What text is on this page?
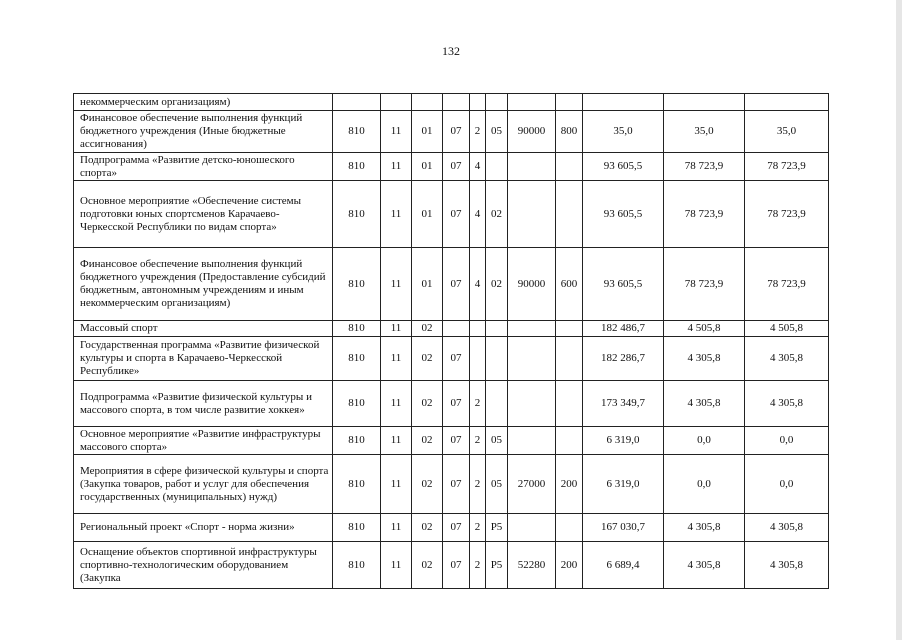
132
некоммерческим организациям)											
Финансовое обеспечение выполнения функций бюджетного учреждения (Иные бюджетные ассигнования)	810	11	01	07	2	05	90000	800	35,0	35,0	35,0
Подпрограмма «Развитие детско-юношеского спорта»	810	11	01	07	4				93 605,5	78 723,9	78 723,9
Основное мероприятие «Обеспечение системы подготовки юных спортсменов Карачаево-Черкесской Республики по видам спорта»	810	11	01	07	4	02			93 605,5	78 723,9	78 723,9
Финансовое обеспечение выполнения функций бюджетного учреждения (Предоставление субсидий бюджетным, автономным учреждениям и иным некоммерческим организациям)	810	11	01	07	4	02	90000	600	93 605,5	78 723,9	78 723,9
Массовый спорт	810	11	02						182 486,7	4 505,8	4 505,8
Государственная программа «Развитие физической культуры и спорта в Карачаево-Черкесской Республике»	810	11	02	07					182 286,7	4 305,8	4 305,8
Подпрограмма «Развитие физической культуры и массового спорта, в том числе развитие хоккея»	810	11	02	07	2				173 349,7	4 305,8	4 305,8
Основное мероприятие «Развитие инфраструктуры массового спорта»	810	11	02	07	2	05			6 319,0	0,0	0,0
Мероприятия в сфере физической культуры и спорта (Закупка товаров, работ и услуг для обеспечения государственных (муниципальных) нужд)	810	11	02	07	2	05	27000	200	6 319,0	0,0	0,0
Региональный проект «Спорт - норма жизни»	810	11	02	07	2	P5			167 030,7	4 305,8	4 305,8
Оснащение объектов спортивной инфраструктуры спортивно-технологическим оборудованием (Закупка	810	11	02	07	2	P5	52280	200	6 689,4	4 305,8	4 305,8
